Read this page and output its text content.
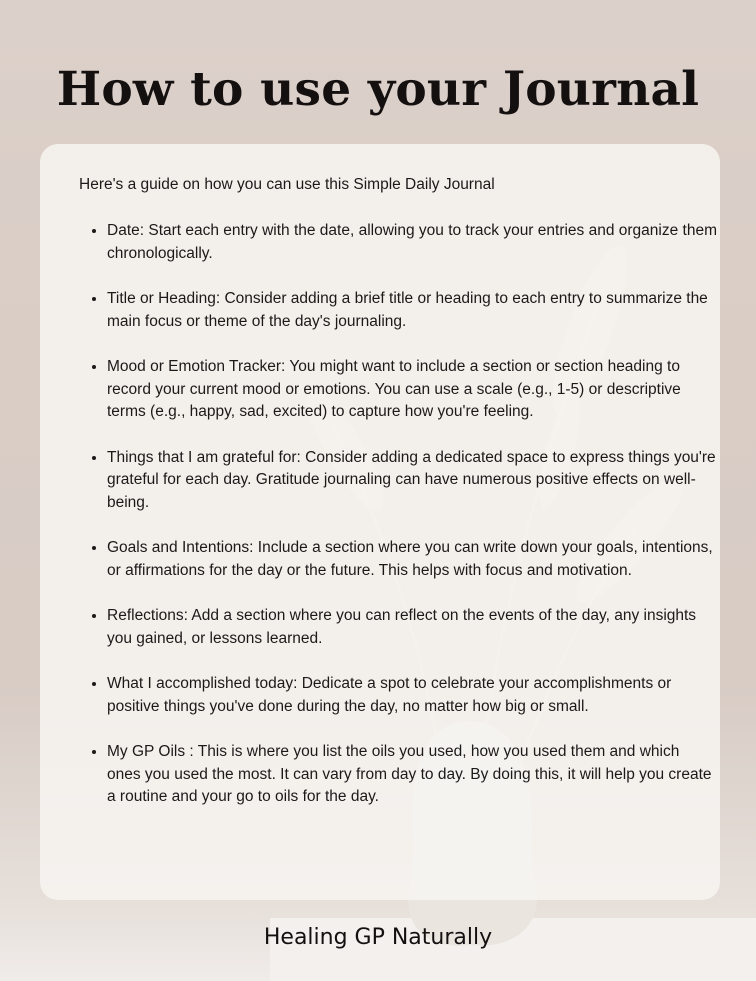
How to use your Journal

Here's a guide on how you can use this Simple Daily Journal

• Date: Start each entry with the date, allowing you to track your entries and organize them chronologically.
• Title or Heading: Consider adding a brief title or heading to each entry to summarize the main focus or theme of the day's journaling.
• Mood or Emotion Tracker: You might want to include a section or section heading to record your current mood or emotions. You can use a scale (e.g., 1-5) or descriptive terms (e.g., happy, sad, excited) to capture how you're feeling.
• Things that I am grateful for: Consider adding a dedicated space to express things you're grateful for each day. Gratitude journaling can have numerous positive effects on well-being.
• Goals and Intentions: Include a section where you can write down your goals, intentions, or affirmations for the day or the future. This helps with focus and motivation.
• Reflections: Add a section where you can reflect on the events of the day, any insights you gained, or lessons learned.
• What I accomplished today: Dedicate a spot to celebrate your accomplishments or positive things you've done during the day, no matter how big or small.
• My GP Oils : This is where you list the oils you used, how you used them and which ones you used the most. It can vary from day to day. By doing this, it will help you create a routine and your go to oils for the day.

Healing GP Naturally
